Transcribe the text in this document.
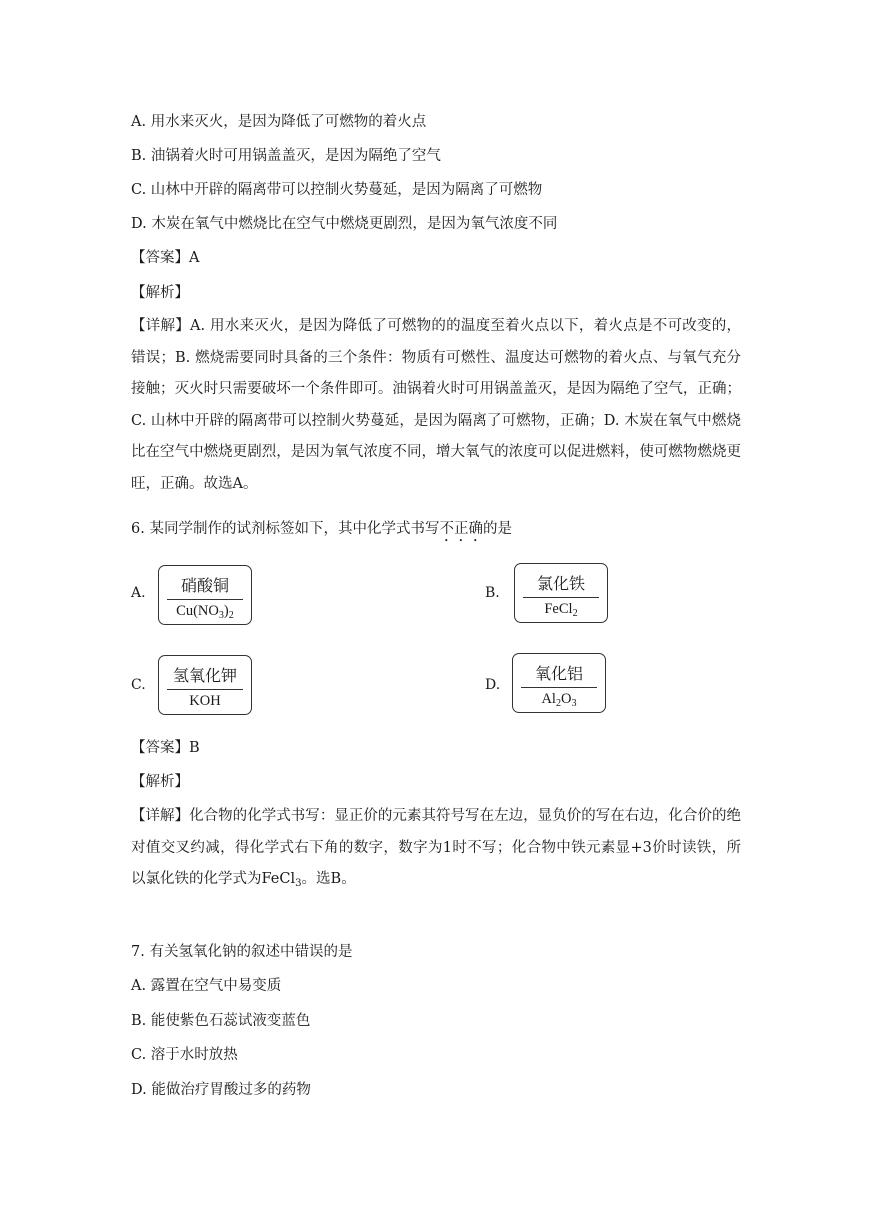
A. 用水来灭火，是因为降低了可燃物的着火点
B. 油锅着火时可用锅盖盖灭，是因为隔绝了空气
C. 山林中开辟的隔离带可以控制火势蔓延，是因为隔离了可燃物
D. 木炭在氧气中燃烧比在空气中燃烧更剧烈，是因为氧气浓度不同
【答案】A
【解析】
【详解】A. 用水来灭火，是因为降低了可燃物的的温度至着火点以下，着火点是不可改变的，错误；B. 燃烧需要同时具备的三个条件：物质有可燃性、温度达可燃物的着火点、与氧气充分接触；灭火时只需要破坏一个条件即可。油锅着火时可用锅盖盖灭，是因为隔绝了空气，正确；C. 山林中开辟的隔离带可以控制火势蔓延，是因为隔离了可燃物，正确；D. 木炭在氧气中燃烧比在空气中燃烧更剧烈，是因为氧气浓度不同，增大氧气的浓度可以促进燃料，使可燃物燃烧更旺，正确。故选A。
6. 某同学制作的试剂标签如下，其中化学式书写不正确的是
A.	硝酸铜
$Cu(NO_3)_2$
B.	氯化铁
FeCl$_2$
C.	氢氧化钾
KOH
D.
氧化铝
$Al_2O_3$
【答案】B
【解析】
【详解】化合物的化学式书写：显正价的元素其符号写在左边，显负价的写在右边，化合价的绝对值交叉约减，得化学式右下角的数字，数字为1时不写；化合物中铁元素显+3价时读铁，所以氯化铁的化学式为FeCl$_3$。选B。
7. 有关氢氧化钠的叙述中错误的是
A. 露置在空气中易变质
B. 能使紫色石蕊试液变蓝色
C. 溶于水时放热
D. 能做治疗胃酸过多的药物
